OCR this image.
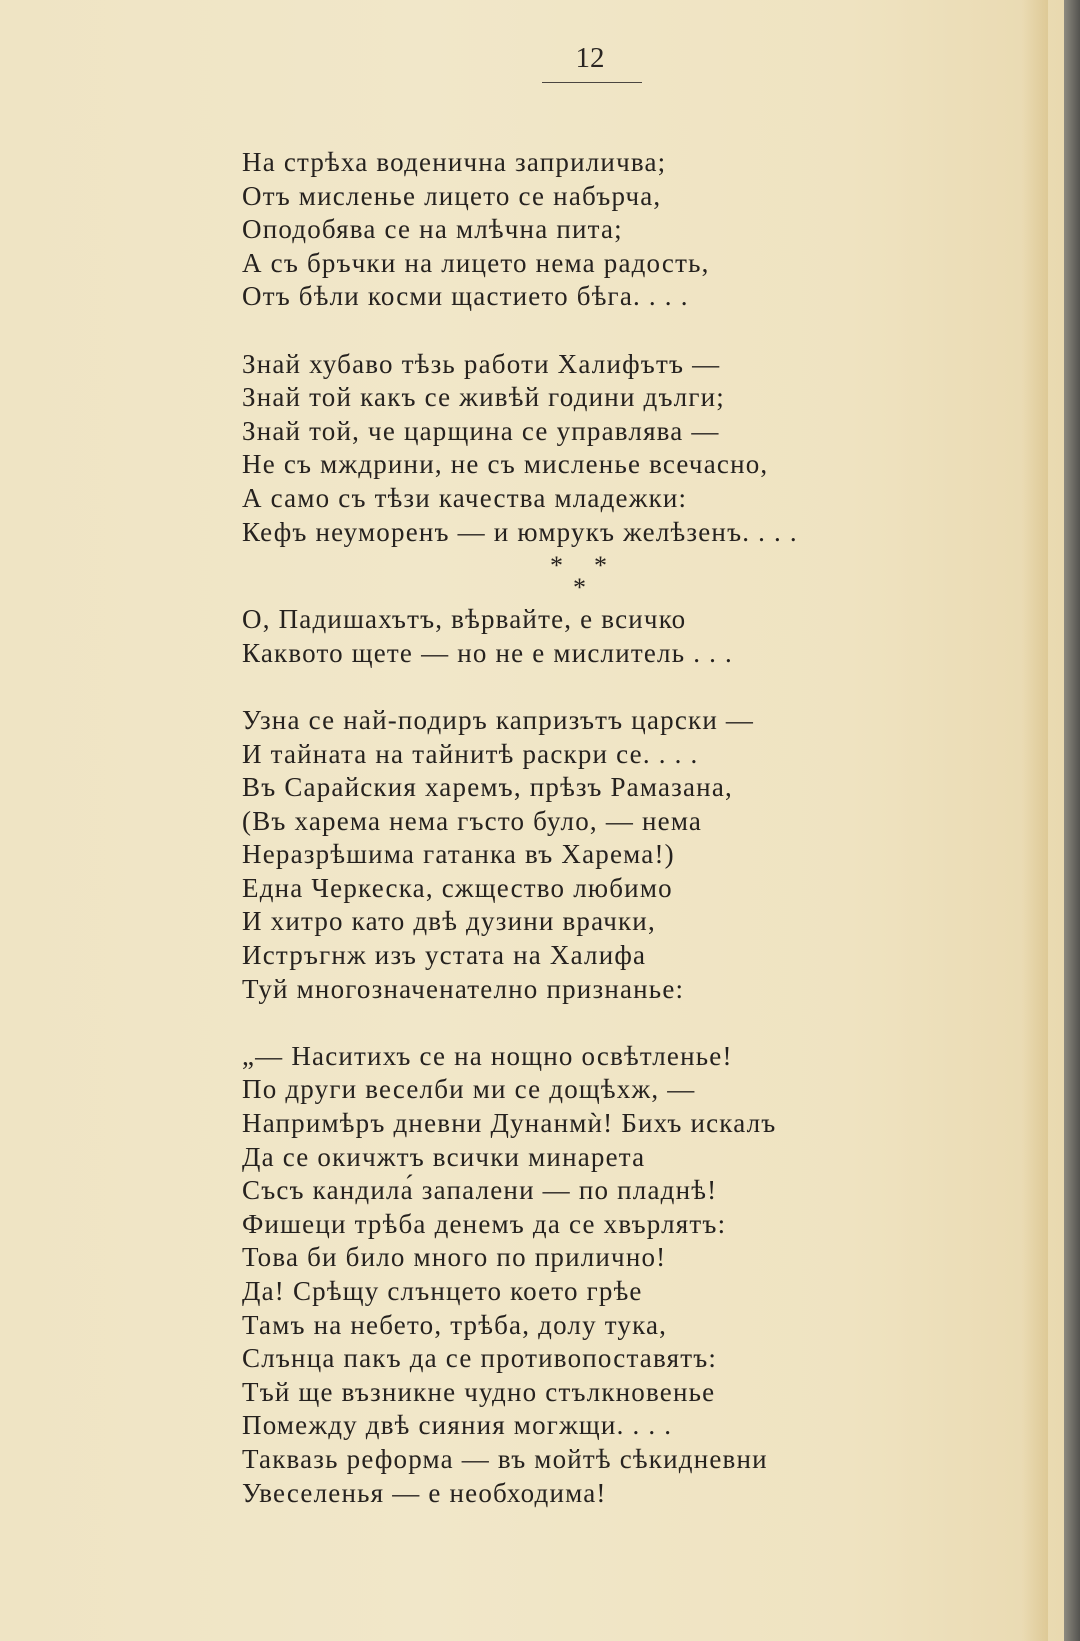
12
На стрѣха воденична заприличва;
Отъ мисленье лицето се набърча,
Оподобява се на млѣчна пита;
А съ бръчки на лицето нема радость,
Отъ бѣли косми щастието бѣга. . . .
Знай хубаво тѣзь работи Халифътъ —
Знай той какъ се живѣй години дълги;
Знай той, че царщина се управлява —
Не съ мждрини, не съ мисленье всечасно,
А само съ тѣзи качества младежки:
Кефъ неуморенъ — и юмрукъ желѣзенъ. . . .
* *
*
О, Падишахътъ, вѣрвайте, е всичко
Каквото щете — но не е мислитель . . .
Узна се най-подиръ капризътъ царски —
И тайната на тайнитѣ раскри се. . . .
Въ Сарайския харемъ, прѣзъ Рамазана,
(Въ харема нема гъсто було, — нема
Неразрѣшима гатанка въ Харема!)
Една Черкеска, сжщество любимо
И хитро като двѣ дузини врачки,
Истръгнж изъ устата на Халифа
Туй многозначенателно признанье:
„— Наситихъ се на нощно освѣтленье!
По други веселби ми се дощѣхж, —
Напримѣръ дневни Дунанмѝ! Бихъ искалъ
Да се окичжтъ всички минарета
Съсъ кандила́ запалени — по пладнѣ!
Фишеци трѣба денемъ да се хвърлятъ:
Това би било много по прилично!
Да! Срѣщу слънцето което грѣе
Тамъ на небето, трѣба, долу тука,
Слънца пакъ да се противопоставятъ:
Тъй ще възникне чудно стълкновенье
Помежду двѣ сияния могжщи. . . .
Таквазь реформа — въ мойтѣ сѣкидневни
Увеселенья — е необходима!
